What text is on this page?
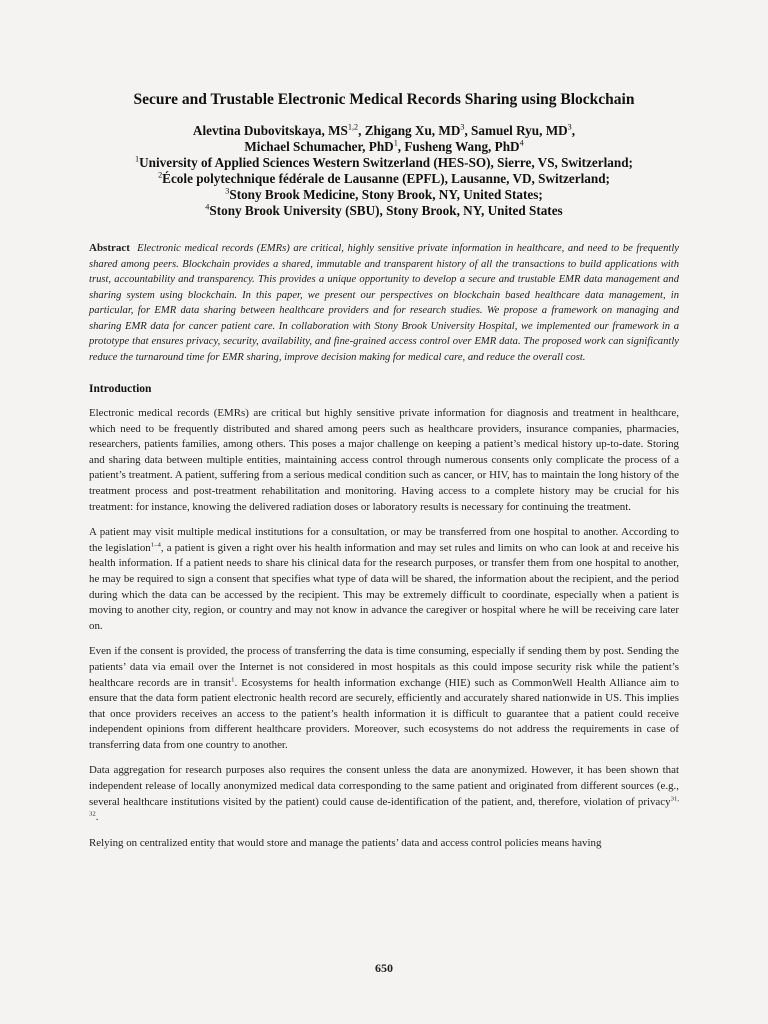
Secure and Trustable Electronic Medical Records Sharing using Blockchain
Alevtina Dubovitskaya, MS$^{1,2}$, Zhigang Xu, $MD^3$, Samuel Ryu, $MD^3$,
Michael Schumacher, PhD$^1$, Fusheng Wang, PhD$^4$
$^1$University of Applied Sciences Western Switzerland (HES-SO), Sierre, VS, Switzerland;
$^2$École polytechnique fédérale de Lausanne (EPFL), Lausanne, VD, Switzerland;
$^3$Stony Brook Medicine, Stony Brook, NY, United States;
$^4$Stony Brook University (SBU), Stony Brook, NY, United States
Abstract Electronic medical records (EMRs) are critical, highly sensitive private information in healthcare, and need to be frequently shared among peers. Blockchain provides a shared, immutable and transparent history of all the transactions to build applications with trust, accountability and transparency. This provides a unique opportunity to develop a secure and trustable EMR data management and sharing system using blockchain. In this paper, we present our perspectives on blockchain based healthcare data management, in particular, for EMR data sharing between healthcare providers and for research studies. We propose a framework on managing and sharing EMR data for cancer patient care. In collaboration with Stony Brook University Hospital, we implemented our framework in a prototype that ensures privacy, security, availability, and fine-grained access control over EMR data. The proposed work can significantly reduce the turnaround time for EMR sharing, improve decision making for medical care, and reduce the overall cost.
Introduction

Electronic medical records (EMRs) are critical but highly sensitive private information for diagnosis and treatment in healthcare, which need to be frequently distributed and shared among peers such as healthcare providers, insurance companies, pharmacies, researchers, patients families, among others. This poses a major challenge on keeping a patient’s medical history up-to-date. Storing and sharing data between multiple entities, maintaining access control through numerous consents only complicate the process of a patient’s treatment. A patient, suffering from a serious medical condition such as cancer, or HIV, has to maintain the long history of the treatment process and post-treatment rehabilitation and monitoring. Having access to a complete history may be crucial for his treatment: for instance, knowing the delivered radiation doses or laboratory results is necessary for continuing the treatment.

A patient may visit multiple medical institutions for a consultation, or may be transferred from one hospital to another. According to the legislation$^{1-4}$, a patient is given a right over his health information and may set rules and limits on who can look at and receive his health information. If a patient needs to share his clinical data for the research purposes, or transfer them from one hospital to another, he may be required to sign a consent that specifies what type of data will be shared, the information about the recipient, and the period during which the data can be accessed by the recipient. This may be extremely difficult to coordinate, especially when a patient is moving to another city, region, or country and may not know in advance the caregiver or hospital where he will be receiving care later on.

Even if the consent is provided, the process of transferring the data is time consuming, especially if sending them by post. Sending the patients’ data via email over the Internet is not considered in most hospitals as this could impose security risk while the patient’s healthcare records are in transit$^1$. Ecosystems for health information exchange (HIE) such as CommonWell Health Alliance aim to ensure that the data form patient electronic health record are securely, efficiently and accurately shared nationwide in US. This implies that once providers receives an access to the patient’s health information it is difficult to guarantee that a patient could receive independent opinions from different healthcare providers. Moreover, such ecosystems do not address the requirements in case of transferring data from one country to another.

Data aggregation for research purposes also requires the consent unless the data are anonymized. However, it has been shown that independent release of locally anonymized medical data corresponding to the same patient and originated from different sources (e.g., several healthcare institutions visited by the patient) could cause de-identification of the patient, and, therefore, violation of privacy$^{31, 32}$.

Relying on centralized entity that would store and manage the patients’ data and access control policies means having

650
